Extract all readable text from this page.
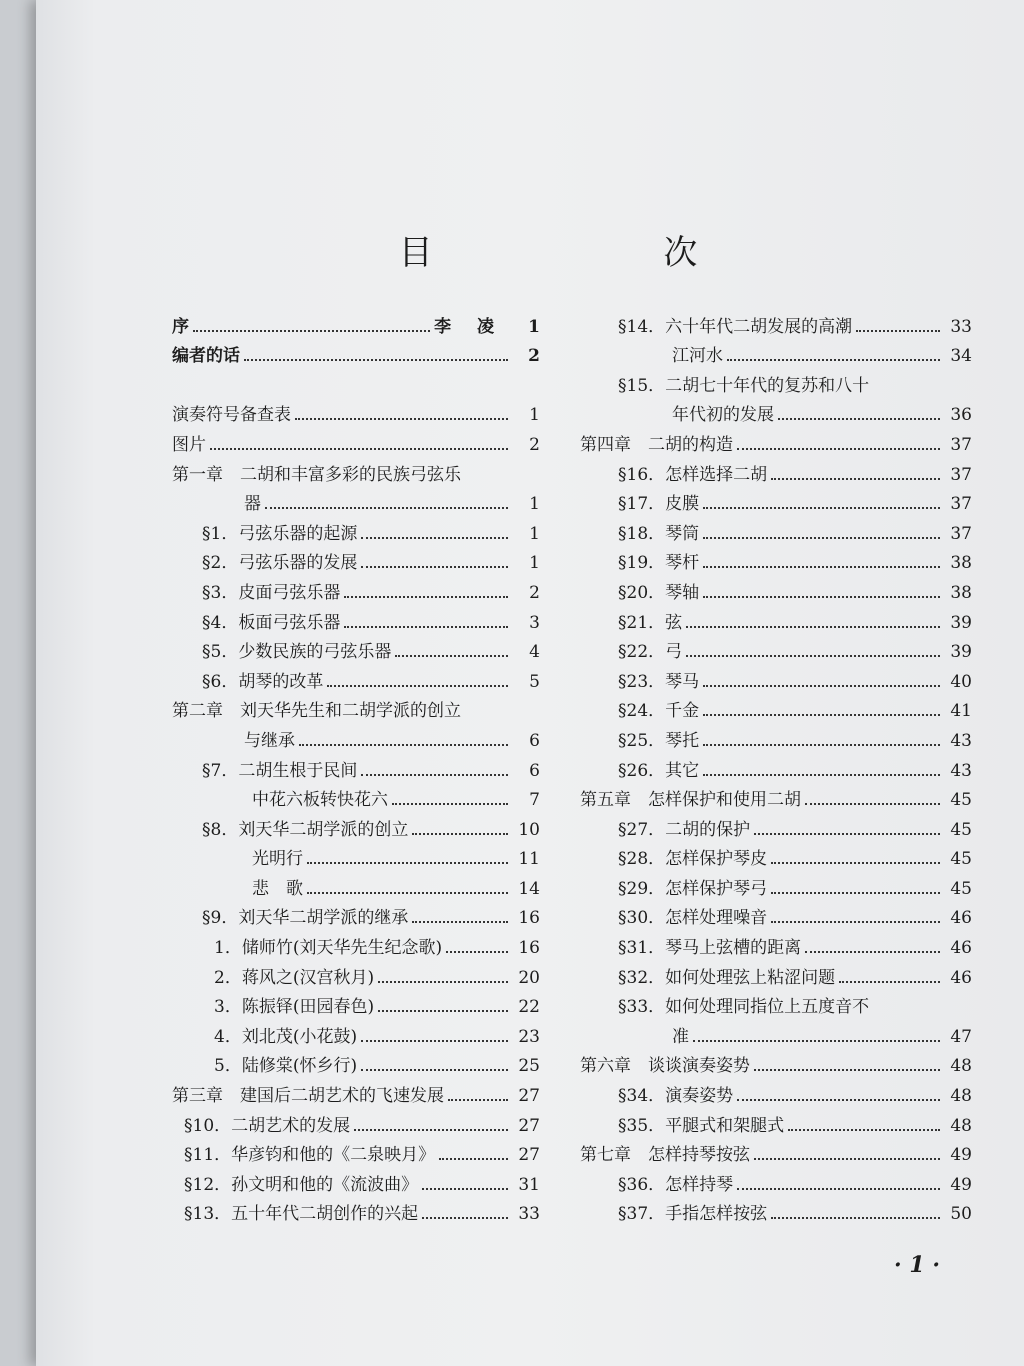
目 次
序	李 凌	1
编者的话	2
演奏符号备查表	1
图片	2
第一章　二胡和丰富多彩的民族弓弦乐
器	1
§1．弓弦乐器的起源	1
§2．弓弦乐器的发展	1
§3．皮面弓弦乐器	2
§4．板面弓弦乐器	3
§5．少数民族的弓弦乐器	4
§6．胡琴的改革	5
第二章　刘天华先生和二胡学派的创立
与继承	6
§7．二胡生根于民间	6
中花六板转快花六	7
§8．刘天华二胡学派的创立	10
光明行	11
悲　歌	14
§9．刘天华二胡学派的继承	16
1．储师竹(刘天华先生纪念歌)	16
2．蒋风之(汉宫秋月)	20
3．陈振铎(田园春色)	22
4．刘北茂(小花鼓)	23
5．陆修棠(怀乡行)	25
第三章　建国后二胡艺术的飞速发展	27
§10．二胡艺术的发展	27
§11．华彦钧和他的《二泉映月》	27
§12．孙文明和他的《流波曲》	31
§13．五十年代二胡创作的兴起	33
§14．六十年代二胡发展的高潮	33
江河水	34
§15．二胡七十年代的复苏和八十
年代初的发展	36
第四章　二胡的构造	37
§16．怎样选择二胡	37
§17．皮膜	37
§18．琴筒	37
§19．琴杆	38
§20．琴轴	38
§21．弦	39
§22．弓	39
§23．琴马	40
§24．千金	41
§25．琴托	43
§26．其它	43
第五章　怎样保护和使用二胡	45
§27．二胡的保护	45
§28．怎样保护琴皮	45
§29．怎样保护琴弓	45
§30．怎样处理噪音	46
§31．琴马上弦槽的距离	46
§32．如何处理弦上粘涩问题	46
§33．如何处理同指位上五度音不
准	47
第六章　谈谈演奏姿势	48
§34．演奏姿势	48
§35．平腿式和架腿式	48
第七章　怎样持琴按弦	49
§36．怎样持琴	49
§37．手指怎样按弦	50
· 1 ·
